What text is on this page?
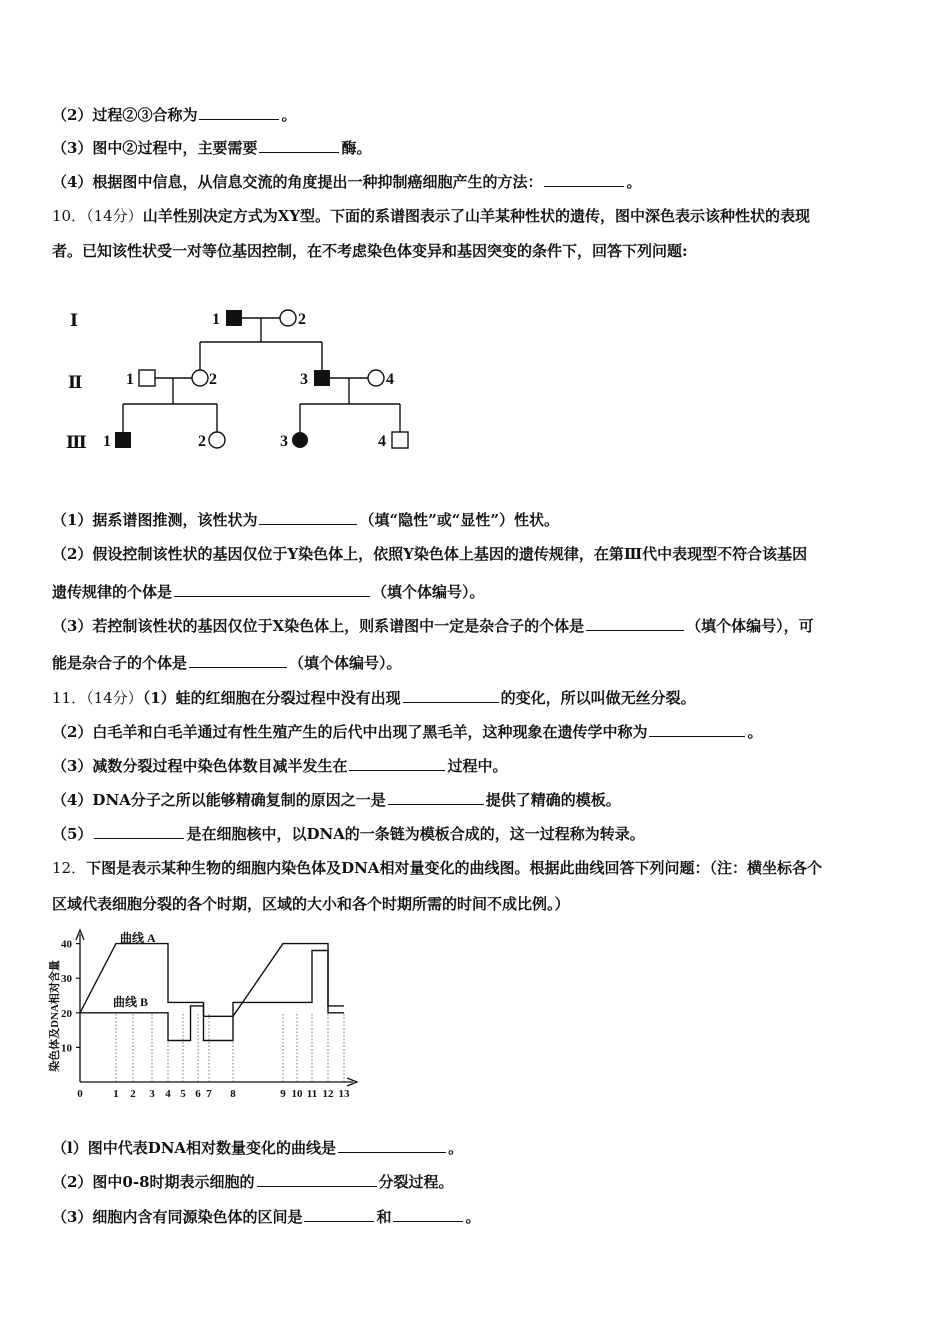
（2）过程②③合称为	。
（3）图中②过程中，主要需要	酶。
（4）根据图中信息，从信息交流的角度提出一种抑制癌细胞产生的方法：	。
10．（14分）山羊性别决定方式为XY型。下面的系谱图表示了山羊某种性状的遗传，图中深色表示该种性状的表现
者。已知该性状受一对等位基因控制，在不考虑染色体变异和基因突变的条件下，回答下列问题:
Ⅰ
Ⅱ
Ⅲ
1	2
1	2	3	4
1	2	3	4
（1）据系谱图推测，该性状为	（填“隐性”或“显性”）性状。
（2）假设控制该性状的基因仅位于Y染色体上，依照Y染色体上基因的遗传规律，在第Ⅲ代中表现型不符合该基因
遗传规律的个体是	（填个体编号）。
（3）若控制该性状的基因仅位于X染色体上，则系谱图中一定是杂合子的个体是	（填个体编号），可
能是杂合子的个体是	（填个体编号）。
11．（14分）（1）蛙的红细胞在分裂过程中没有出现	的变化，所以叫做无丝分裂。
（2）白毛羊和白毛羊通过有性生殖产生的后代中出现了黑毛羊，这种现象在遗传学中称为	。
（3）减数分裂过程中染色体数目减半发生在	过程中。
（4）DNA分子之所以能够精确复制的原因之一是	提供了精确的模板。
（5）	是在细胞核中，以DNA的一条链为模板合成的，这一过程称为转录。
12．下图是表示某种生物的细胞内染色体及DNA相对量变化的曲线图。根据此曲线回答下列问题：（注：横坐标各个
区域代表细胞分裂的各个时期，区域的大小和各个时期所需的时间不成比例。）
染色体及DNA相对含量 10
20
30
40
0	1 2 3 4 5 6 7 8	9 10 11 12 13
曲线 A
曲线 B
（l）图中代表DNA相对数量变化的曲线是	。
（2）图中0-8时期表示细胞的	分裂过程。
（3）细胞内含有同源染色体的区间是	和	。
